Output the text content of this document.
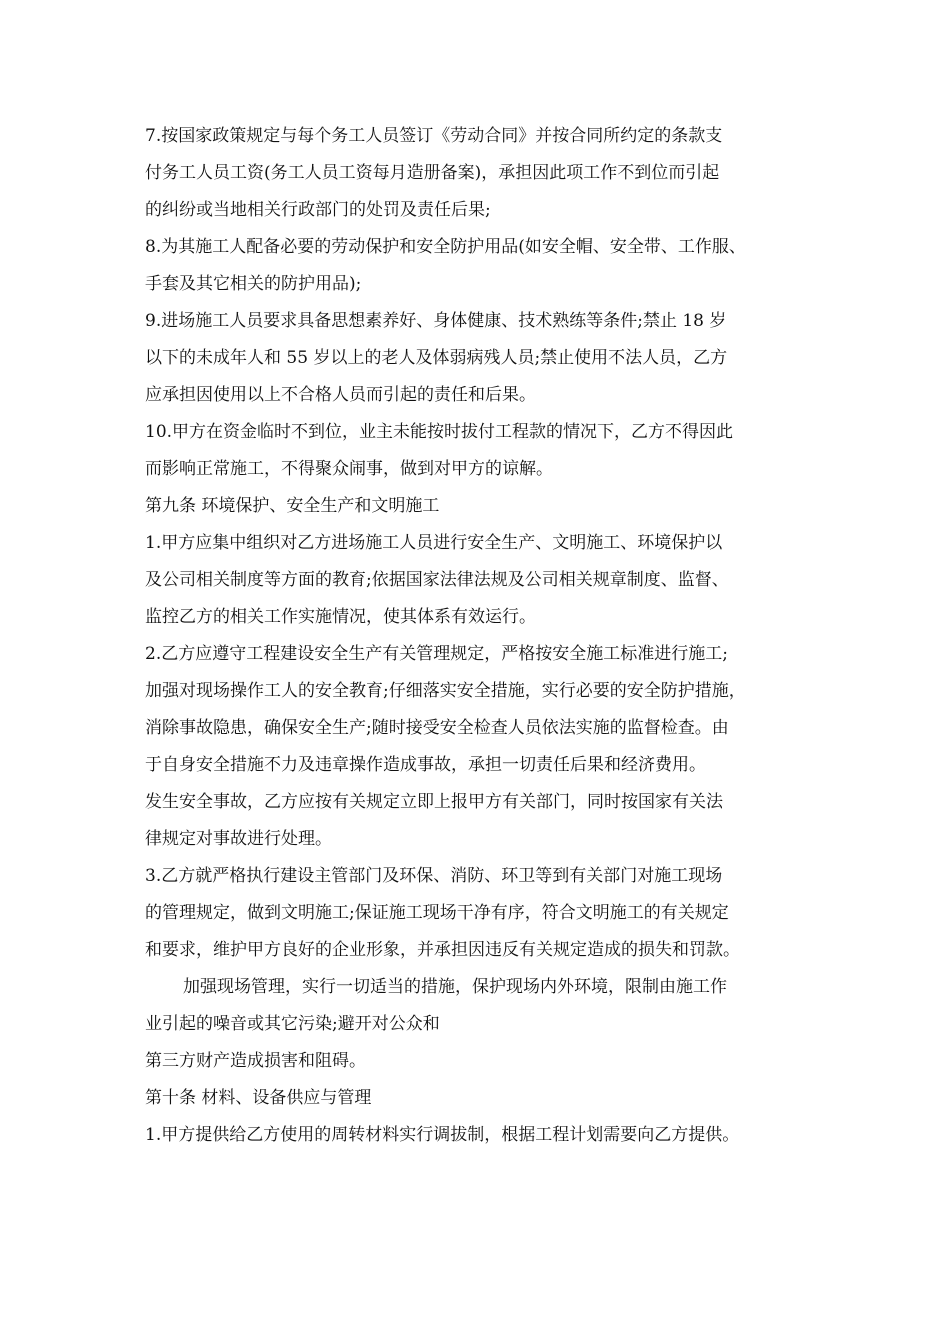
7.按国家政策规定与每个务工人员签订《劳动合同》并按合同所约定的条款支
付务工人员工资(务工人员工资每月造册备案)，承担因此项工作不到位而引起
的纠纷或当地相关行政部门的处罚及责任后果;
8.为其施工人配备必要的劳动保护和安全防护用品(如安全帽、安全带、工作服、
手套及其它相关的防护用品);
9.进场施工人员要求具备思想素养好、身体健康、技术熟练等条件;禁止 18 岁
以下的未成年人和 55 岁以上的老人及体弱病残人员;禁止使用不法人员，乙方
应承担因使用以上不合格人员而引起的责任和后果。
10.甲方在资金临时不到位，业主未能按时拔付工程款的情况下，乙方不得因此
而影响正常施工，不得聚众闹事，做到对甲方的谅解。
第九条 环境保护、安全生产和文明施工
1.甲方应集中组织对乙方进场施工人员进行安全生产、文明施工、环境保护以
及公司相关制度等方面的教育;依据国家法律法规及公司相关规章制度、监督、
监控乙方的相关工作实施情况，使其体系有效运行。
2.乙方应遵守工程建设安全生产有关管理规定，严格按安全施工标准进行施工;
加强对现场操作工人的安全教育;仔细落实安全措施，实行必要的安全防护措施，
消除事故隐患，确保安全生产;随时接受安全检查人员依法实施的监督检查。由
于自身安全措施不力及违章操作造成事故，承担一切责任后果和经济费用。
发生安全事故，乙方应按有关规定立即上报甲方有关部门，同时按国家有关法
律规定对事故进行处理。
3.乙方就严格执行建设主管部门及环保、消防、环卫等到有关部门对施工现场
的管理规定，做到文明施工;保证施工现场干净有序，符合文明施工的有关规定
和要求，维护甲方良好的企业形象，并承担因违反有关规定造成的损失和罚款。
加强现场管理，实行一切适当的措施，保护现场内外环境，限制由施工作
业引起的噪音或其它污染;避开对公众和
第三方财产造成损害和阻碍。
第十条 材料、设备供应与管理
1.甲方提供给乙方使用的周转材料实行调拔制，根据工程计划需要向乙方提供。
